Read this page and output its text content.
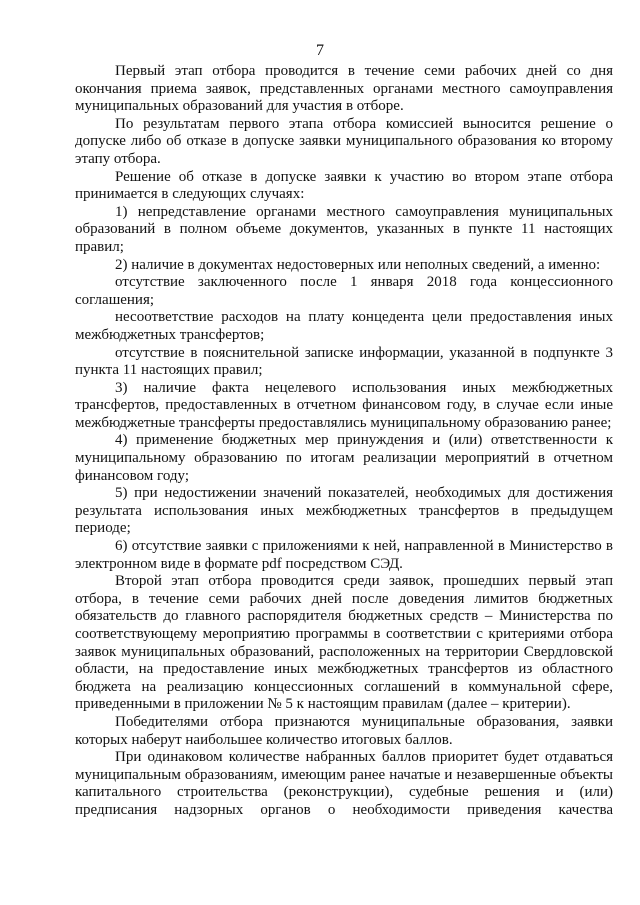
7

Первый этап отбора проводится в течение семи рабочих дней со дня окончания приема заявок, представленных органами местного самоуправления муниципальных образований для участия в отборе.

По результатам первого этапа отбора комиссией выносится решение о допуске либо об отказе в допуске заявки муниципального образования ко второму этапу отбора.

Решение об отказе в допуске заявки к участию во втором этапе отбора принимается в следующих случаях:

1) непредставление органами местного самоуправления муниципальных образований в полном объеме документов, указанных в пункте 11 настоящих правил;

2) наличие в документах недостоверных или неполных сведений, а именно:

отсутствие заключенного после 1 января 2018 года концессионного соглашения;

несоответствие расходов на плату концедента цели предоставления иных межбюджетных трансфертов;

отсутствие в пояснительной записке информации, указанной в подпункте 3 пункта 11 настоящих правил;

3) наличие факта нецелевого использования иных межбюджетных трансфертов, предоставленных в отчетном финансовом году, в случае если иные межбюджетные трансферты предоставлялись муниципальному образованию ранее;

4) применение бюджетных мер принуждения и (или) ответственности к муниципальному образованию по итогам реализации мероприятий в отчетном финансовом году;

5) при недостижении значений показателей, необходимых для достижения результата использования иных межбюджетных трансфертов в предыдущем периоде;

6) отсутствие заявки с приложениями к ней, направленной в Министерство в электронном виде в формате pdf посредством СЭД.

Второй этап отбора проводится среди заявок, прошедших первый этап отбора, в течение семи рабочих дней после доведения лимитов бюджетных обязательств до главного распорядителя бюджетных средств – Министерства по соответствующему мероприятию программы в соответствии с критериями отбора заявок муниципальных образований, расположенных на территории Свердловской области, на предоставление иных межбюджетных трансфертов из областного бюджета на реализацию концессионных соглашений в коммунальной сфере, приведенными в приложении № 5 к настоящим правилам (далее – критерии).

Победителями отбора признаются муниципальные образования, заявки которых наберут наибольшее количество итоговых баллов.

При одинаковом количестве набранных баллов приоритет будет отдаваться муниципальным образованиям, имеющим ранее начатые и незавершенные объекты капитального строительства (реконструкции), судебные решения и (или) предписания надзорных органов о необходимости приведения качества
